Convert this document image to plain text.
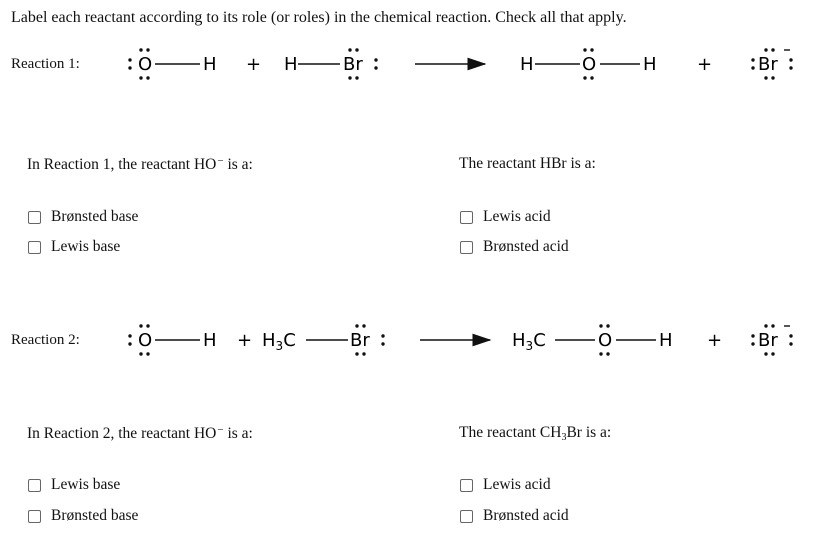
Label each reactant according to its role (or roles) in the chemical reaction. Check all that apply.
Reaction 1:	O	H + H	Br	H	O	H +	Br
In Reaction 1, the reactant HO− is a:
Brønsted base
Lewis base
The reactant HBr is a:
Lewis acid
Brønsted acid
Reaction 2:	O	$H + H_3C$	Br	$H_3C$	O	H + Br
In Reaction 2, the reactant HO− is a:
Lewis base
Brønsted base
The reactant $CH_3Br$ is a:
Lewis acid
Brønsted acid
